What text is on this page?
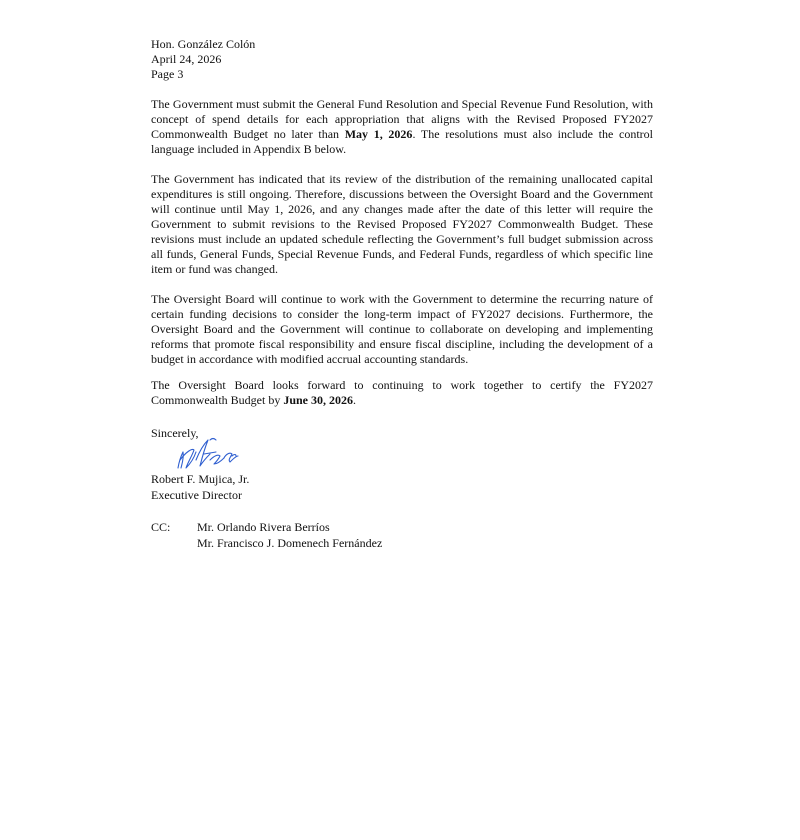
Hon. González Colón
April 24, 2026
Page 3
The Government must submit the General Fund Resolution and Special Revenue Fund Resolution, with concept of spend details for each appropriation that aligns with the Revised Proposed FY2027 Commonwealth Budget no later than May 1, 2026. The resolutions must also include the control language included in Appendix B below.
The Government has indicated that its review of the distribution of the remaining unallocated capital expenditures is still ongoing. Therefore, discussions between the Oversight Board and the Government will continue until May 1, 2026, and any changes made after the date of this letter will require the Government to submit revisions to the Revised Proposed FY2027 Commonwealth Budget. These revisions must include an updated schedule reflecting the Government’s full budget submission across all funds, General Funds, Special Revenue Funds, and Federal Funds, regardless of which specific line item or fund was changed.
The Oversight Board will continue to work with the Government to determine the recurring nature of certain funding decisions to consider the long-term impact of FY2027 decisions. Furthermore, the Oversight Board and the Government will continue to collaborate on developing and implementing reforms that promote fiscal responsibility and ensure fiscal discipline, including the development of a budget in accordance with modified accrual accounting standards.
The Oversight Board looks forward to continuing to work together to certify the FY2027 Commonwealth Budget by June 30, 2026.
Sincerely,
Robert F. Mujica, Jr.
Executive Director
CC:	Mr. Orlando Rivera Berríos
Mr. Francisco J. Domenech Fernández
